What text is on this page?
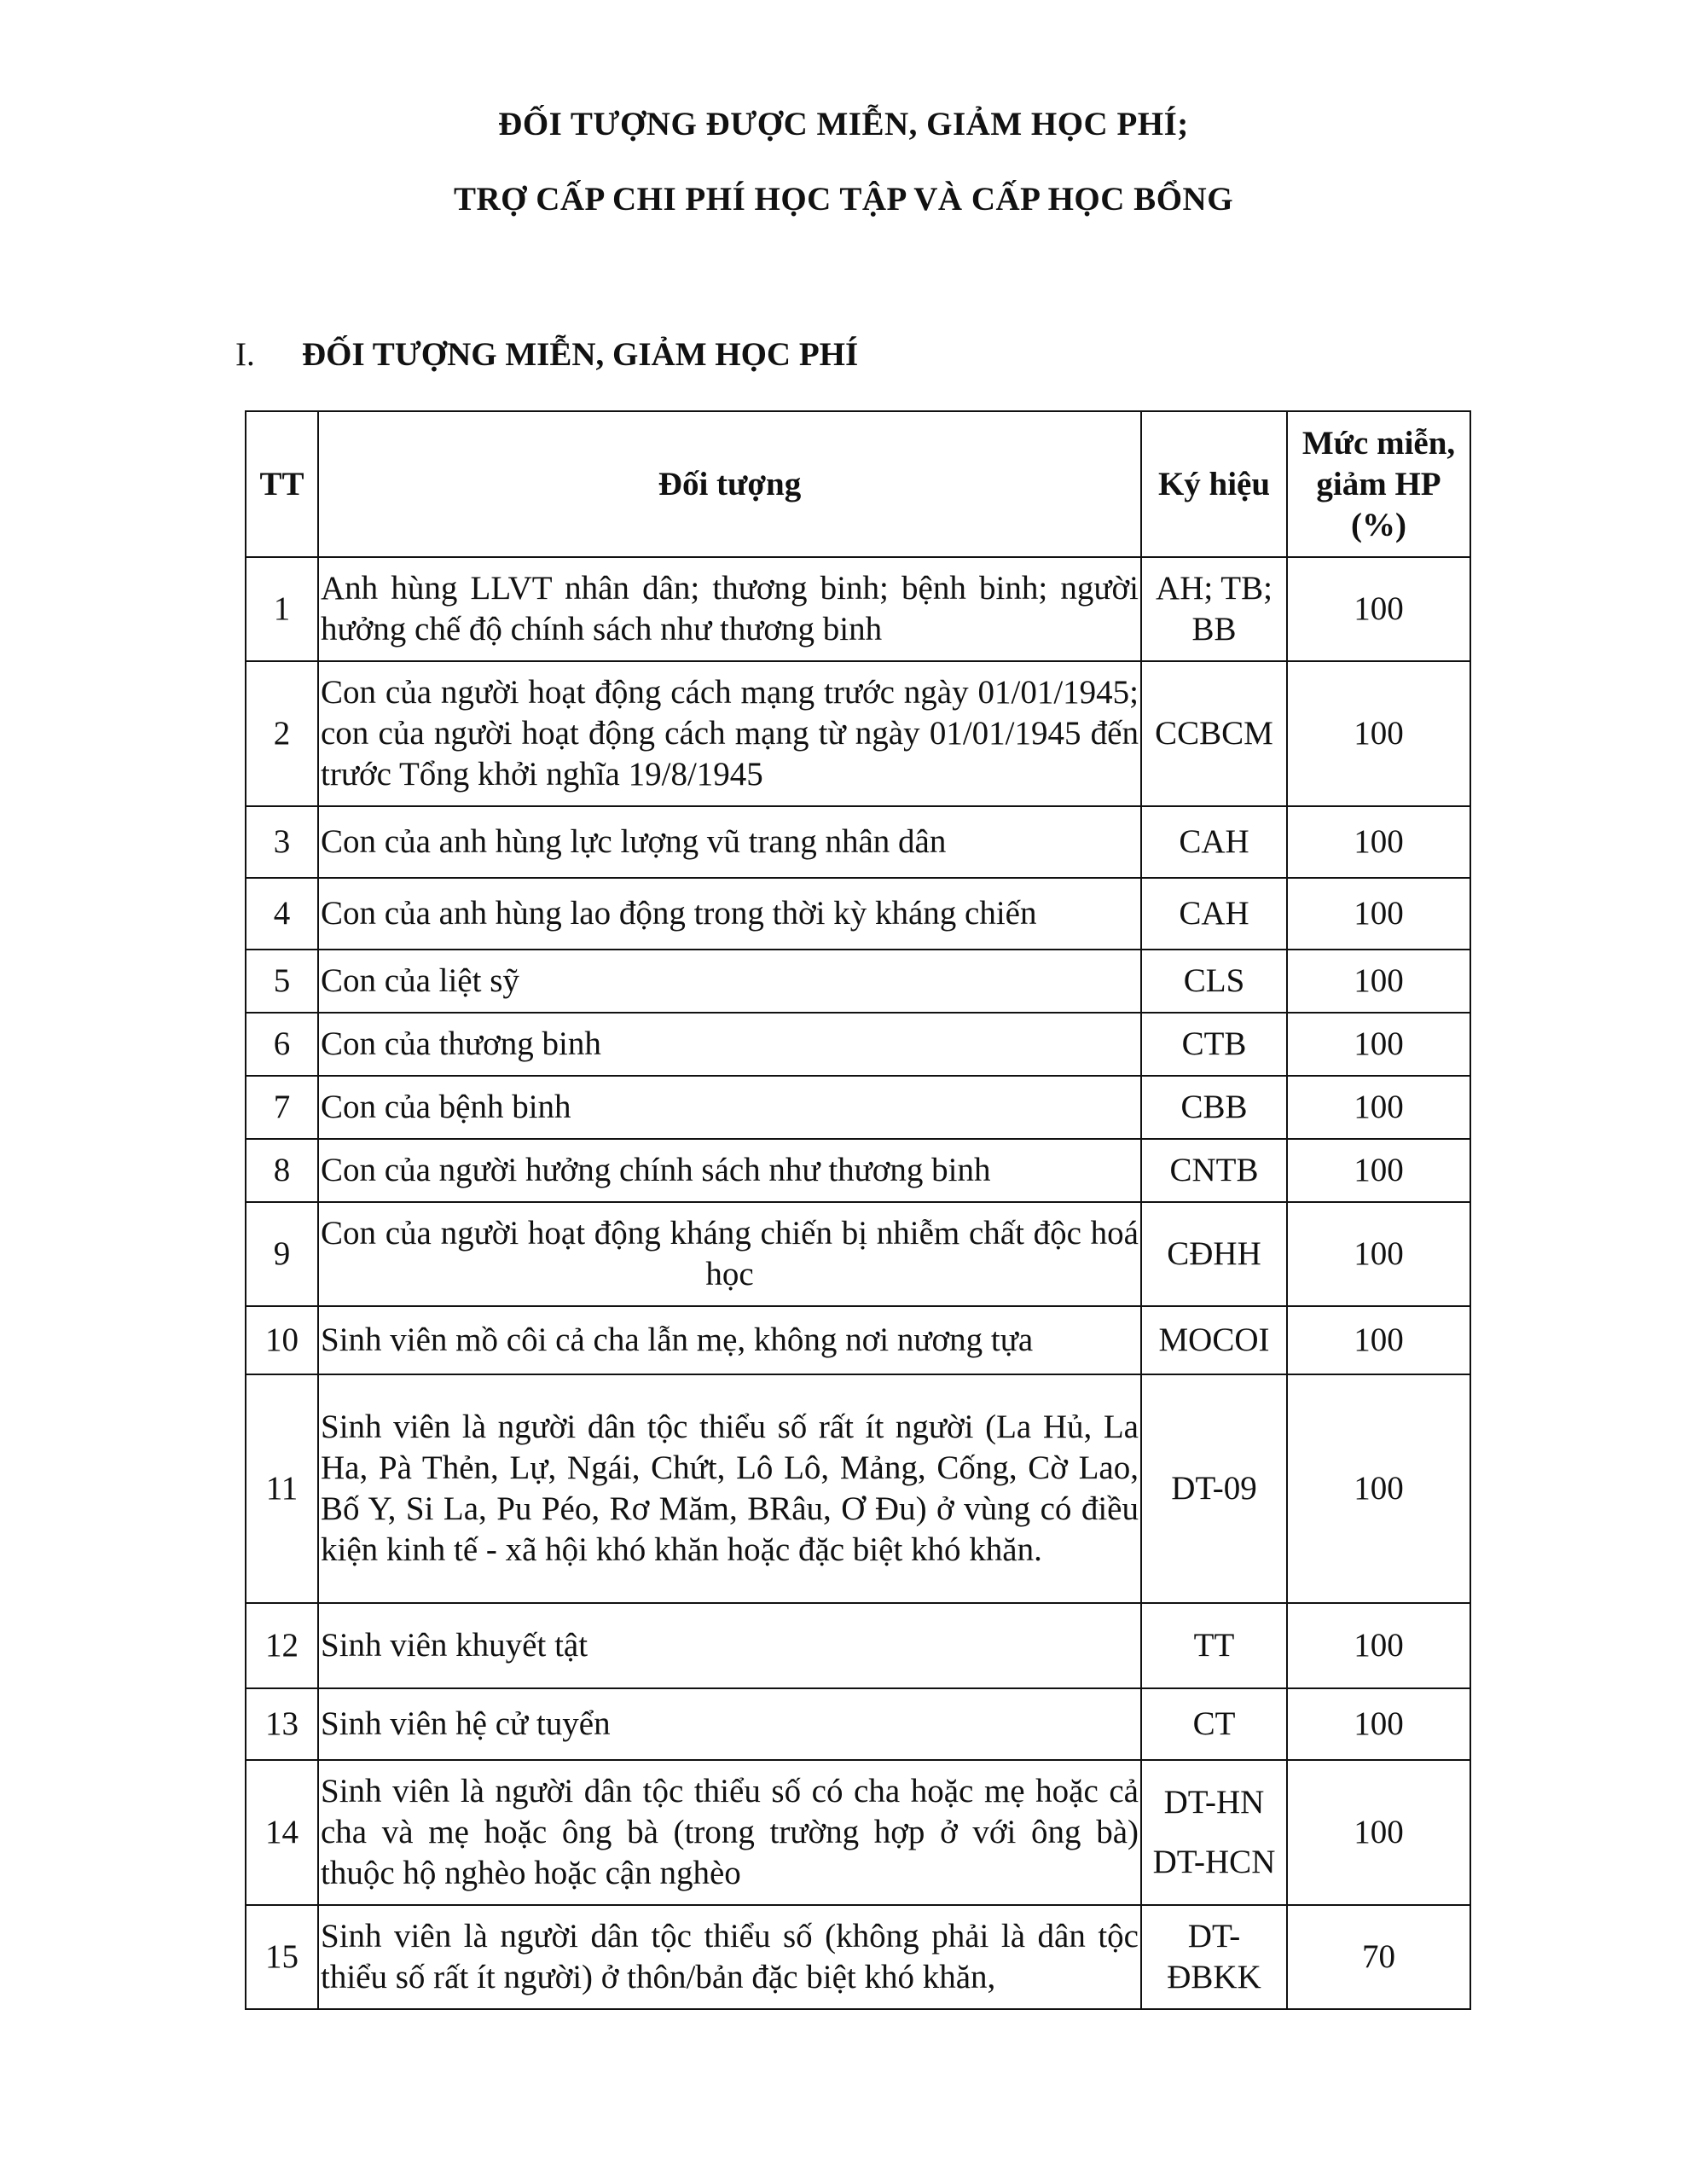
ĐỐI TƯỢNG ĐƯỢC MIỄN, GIẢM HỌC PHÍ;
TRỢ CẤP CHI PHÍ HỌC TẬP VÀ CẤP HỌC BỔNG
I. ĐỐI TƯỢNG MIỄN, GIẢM HỌC PHÍ
TT	Đối tượng	Ký hiệu	Mức miễn,
giảm HP
(%)

1	Anh hùng LLVT nhân dân; thương binh; bệnh binh; người hưởng chế độ chính sách như thương binh	AH; TB; BB	100
2	Con của người hoạt động cách mạng trước ngày 01/01/1945; con của người hoạt động cách mạng từ ngày 01/01/1945 đến trước Tổng khởi nghĩa 19/8/1945	CCBCM	100
3	Con của anh hùng lực lượng vũ trang nhân dân	CAH	100
4	Con của anh hùng lao động trong thời kỳ kháng chiến	CAH	100
5	Con của liệt sỹ	CLS	100
6	Con của thương binh	CTB	100
7	Con của bệnh binh	CBB	100
8	Con của người hưởng chính sách như thương binh	CNTB	100
9	Con của người hoạt động kháng chiến bị nhiễm chất độc hoá học	CĐHH	100
10	Sinh viên mồ côi cả cha lẫn mẹ, không nơi nương tựa	MOCOI	100
11	Sinh viên là người dân tộc thiểu số rất ít người (La Hủ, La Ha, Pà Thẻn, Lự, Ngái, Chứt, Lô Lô, Mảng, Cống, Cờ Lao, Bố Y, Si La, Pu Péo, Rơ Măm, BRâu, Ơ Đu) ở vùng có điều kiện kinh tế - xã hội khó khăn hoặc đặc biệt khó khăn.	DT-09	100
12	Sinh viên khuyết tật	TT	100
13	Sinh viên hệ cử tuyển	CT	100
14	Sinh viên là người dân tộc thiểu số có cha hoặc mẹ hoặc cả cha và mẹ hoặc ông bà (trong trường hợp ở với ông bà) thuộc hộ nghèo hoặc cận nghèo	DT-HN
DT-HCN	100
15	Sinh viên là người dân tộc thiểu số (không phải là dân tộc thiểu số rất ít người) ở thôn/bản đặc biệt khó khăn,	DT-
ĐBKK	70
